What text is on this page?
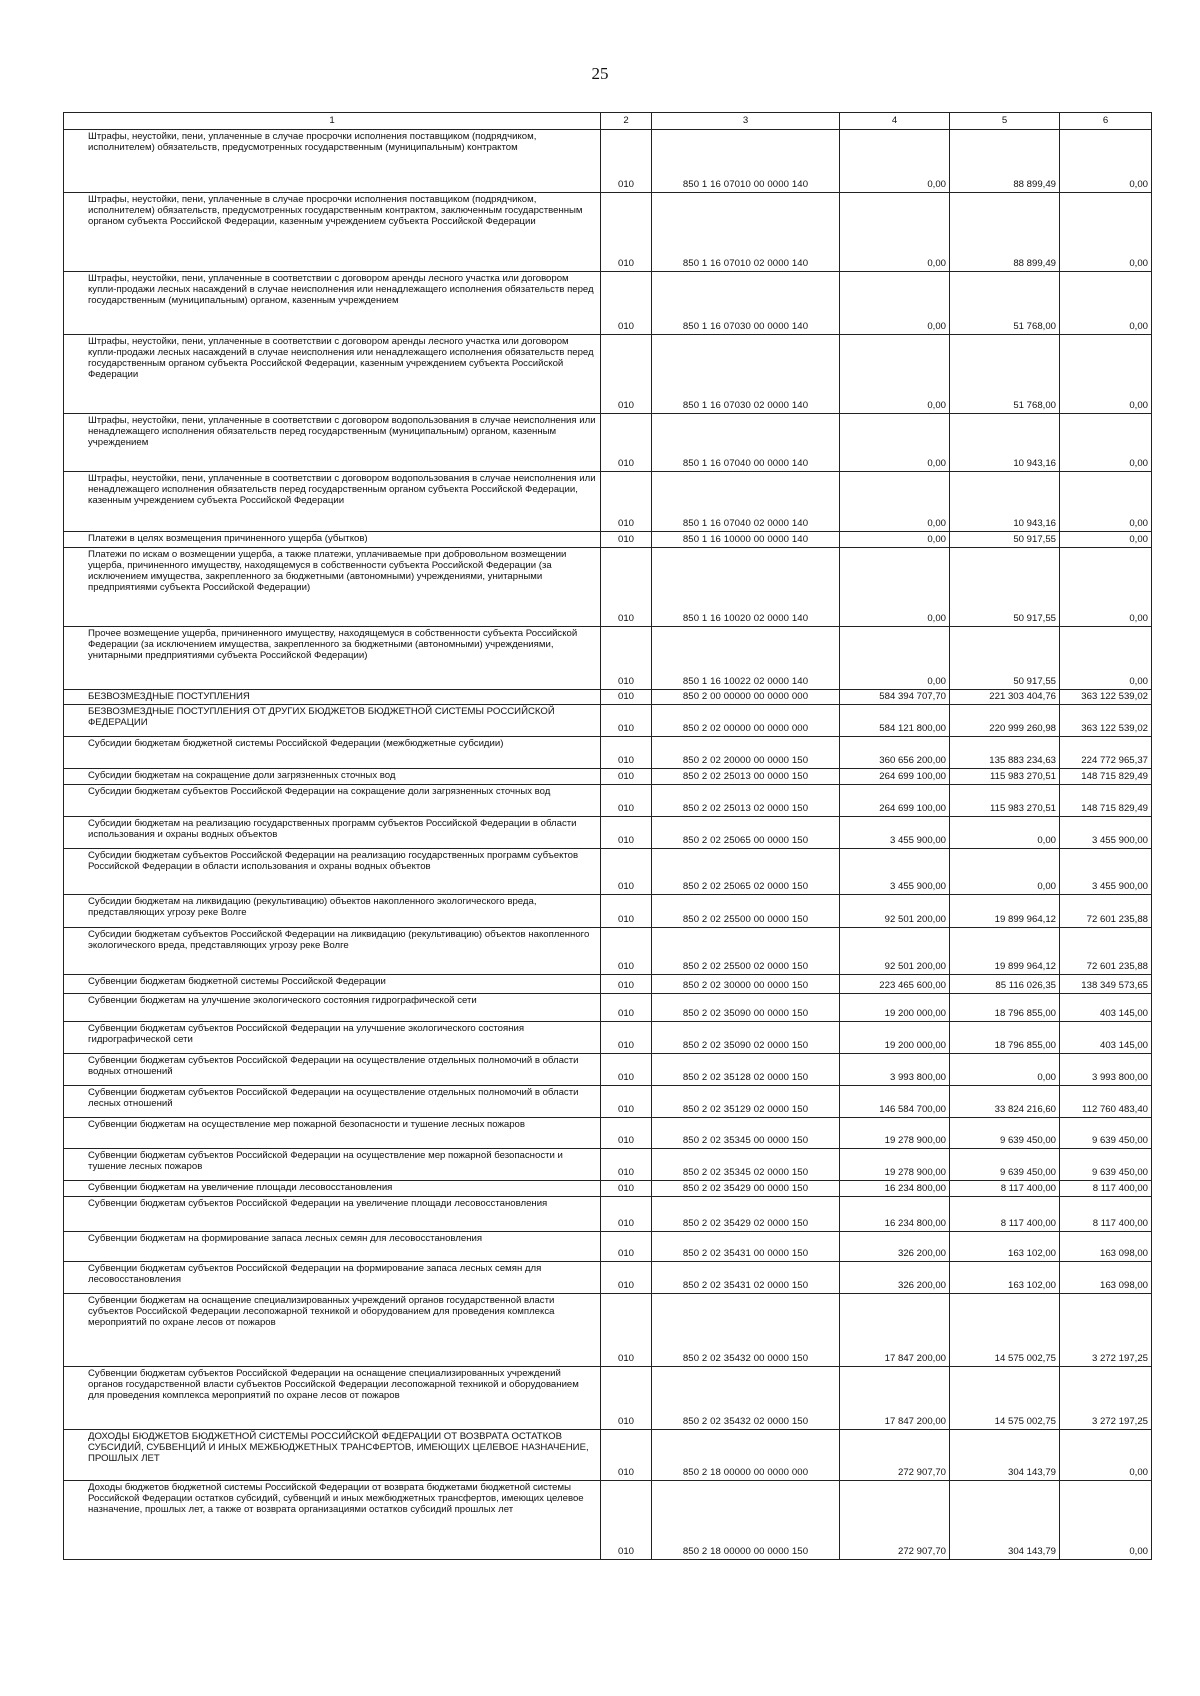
25
1	2	3	4	5	6
Штрафы, неустойки, пени, уплаченные в случае просрочки исполнения поставщиком (подрядчиком, исполнителем) обязательств, предусмотренных государственным (муниципальным) контрактом	010	850 1 16 07010 00 0000 140	0,00	88 899,49	0,00
Штрафы, неустойки, пени, уплаченные в случае просрочки исполнения поставщиком (подрядчиком, исполнителем) обязательств, предусмотренных государственным контрактом, заключенным государственным органом субъекта Российской Федерации, казенным учреждением субъекта Российской Федерации	010	850 1 16 07010 02 0000 140	0,00	88 899,49	0,00
Штрафы, неустойки, пени, уплаченные в соответствии с договором аренды лесного участка или договором купли-продажи лесных насаждений в случае неисполнения или ненадлежащего исполнения обязательств перед государственным (муниципальным) органом, казенным учреждением	010	850 1 16 07030 00 0000 140	0,00	51 768,00	0,00
Штрафы, неустойки, пени, уплаченные в соответствии с договором аренды лесного участка или договором купли-продажи лесных насаждений в случае неисполнения или ненадлежащего исполнения обязательств перед государственным органом субъекта Российской Федерации, казенным учреждением субъекта Российской Федерации	010	850 1 16 07030 02 0000 140	0,00	51 768,00	0,00
Штрафы, неустойки, пени, уплаченные в соответствии с договором водопользования в случае неисполнения или ненадлежащего исполнения обязательств перед государственным (муниципальным) органом, казенным учреждением	010	850 1 16 07040 00 0000 140	0,00	10 943,16	0,00
Штрафы, неустойки, пени, уплаченные в соответствии с договором водопользования в случае неисполнения или ненадлежащего исполнения обязательств перед государственным органом субъекта Российской Федерации, казенным учреждением субъекта Российской Федерации	010	850 1 16 07040 02 0000 140	0,00	10 943,16	0,00
Платежи в целях возмещения причиненного ущерба (убытков)	010	850 1 16 10000 00 0000 140	0,00	50 917,55	0,00
Платежи по искам о возмещении ущерба, а также платежи, уплачиваемые при добровольном возмещении ущерба, причиненного имуществу, находящемуся в собственности субъекта Российской Федерации (за исключением имущества, закрепленного за бюджетными (автономными) учреждениями, унитарными предприятиями субъекта Российской Федерации)	010	850 1 16 10020 02 0000 140	0,00	50 917,55	0,00
Прочее возмещение ущерба, причиненного имуществу, находящемуся в собственности субъекта Российской Федерации (за исключением имущества, закрепленного за бюджетными (автономными) учреждениями, унитарными предприятиями субъекта Российской Федерации)	010	850 1 16 10022 02 0000 140	0,00	50 917,55	0,00
БЕЗВОЗМЕЗДНЫЕ ПОСТУПЛЕНИЯ	010	850 2 00 00000 00 0000 000	584 394 707,70	221 303 404,76	363 122 539,02
БЕЗВОЗМЕЗДНЫЕ ПОСТУПЛЕНИЯ ОТ ДРУГИХ БЮДЖЕТОВ БЮДЖЕТНОЙ СИСТЕМЫ РОССИЙСКОЙ ФЕДЕРАЦИИ	010	850 2 02 00000 00 0000 000	584 121 800,00	220 999 260,98	363 122 539,02
Субсидии бюджетам бюджетной системы Российской Федерации (межбюджетные субсидии)	010	850 2 02 20000 00 0000 150	360 656 200,00	135 883 234,63	224 772 965,37
Субсидии бюджетам на сокращение доли загрязненных сточных вод	010	850 2 02 25013 00 0000 150	264 699 100,00	115 983 270,51	148 715 829,49
Субсидии бюджетам субъектов Российской Федерации на сокращение доли загрязненных сточных вод	010	850 2 02 25013 02 0000 150	264 699 100,00	115 983 270,51	148 715 829,49
Субсидии бюджетам на реализацию государственных программ субъектов Российской Федерации в области использования и охраны водных объектов	010	850 2 02 25065 00 0000 150	3 455 900,00	0,00	3 455 900,00
Субсидии бюджетам субъектов Российской Федерации на реализацию государственных программ субъектов Российской Федерации в области использования и охраны водных объектов	010	850 2 02 25065 02 0000 150	3 455 900,00	0,00	3 455 900,00
Субсидии бюджетам на ликвидацию (рекультивацию) объектов накопленного экологического вреда, представляющих угрозу реке Волге	010	850 2 02 25500 00 0000 150	92 501 200,00	19 899 964,12	72 601 235,88
Субсидии бюджетам субъектов Российской Федерации на ликвидацию (рекультивацию) объектов накопленного экологического вреда, представляющих угрозу реке Волге	010	850 2 02 25500 02 0000 150	92 501 200,00	19 899 964,12	72 601 235,88
Субвенции бюджетам бюджетной системы Российской Федерации	010	850 2 02 30000 00 0000 150	223 465 600,00	85 116 026,35	138 349 573,65
Субвенции бюджетам на улучшение экологического состояния гидрографической сети	010	850 2 02 35090 00 0000 150	19 200 000,00	18 796 855,00	403 145,00
Субвенции бюджетам субъектов Российской Федерации на улучшение экологического состояния гидрографической сети	010	850 2 02 35090 02 0000 150	19 200 000,00	18 796 855,00	403 145,00
Субвенции бюджетам субъектов Российской Федерации на осуществление отдельных полномочий в области водных отношений	010	850 2 02 35128 02 0000 150	3 993 800,00	0,00	3 993 800,00
Субвенции бюджетам субъектов Российской Федерации на осуществление отдельных полномочий в области лесных отношений	010	850 2 02 35129 02 0000 150	146 584 700,00	33 824 216,60	112 760 483,40
Субвенции бюджетам на осуществление мер пожарной безопасности и тушение лесных пожаров	010	850 2 02 35345 00 0000 150	19 278 900,00	9 639 450,00	9 639 450,00
Субвенции бюджетам субъектов Российской Федерации на осуществление мер пожарной безопасности и тушение лесных пожаров	010	850 2 02 35345 02 0000 150	19 278 900,00	9 639 450,00	9 639 450,00
Субвенции бюджетам на увеличение площади лесовосстановления	010	850 2 02 35429 00 0000 150	16 234 800,00	8 117 400,00	8 117 400,00
Субвенции бюджетам субъектов Российской Федерации на увеличение площади лесовосстановления	010	850 2 02 35429 02 0000 150	16 234 800,00	8 117 400,00	8 117 400,00
Субвенции бюджетам на формирование запаса лесных семян для лесовосстановления	010	850 2 02 35431 00 0000 150	326 200,00	163 102,00	163 098,00
Субвенции бюджетам субъектов Российской Федерации на формирование запаса лесных семян для лесовосстановления	010	850 2 02 35431 02 0000 150	326 200,00	163 102,00	163 098,00
Субвенции бюджетам на оснащение специализированных учреждений органов государственной власти субъектов Российской Федерации лесопожарной техникой и оборудованием для проведения комплекса мероприятий по охране лесов от пожаров	010	850 2 02 35432 00 0000 150	17 847 200,00	14 575 002,75	3 272 197,25
Субвенции бюджетам субъектов Российской Федерации на оснащение специализированных учреждений органов государственной власти субъектов Российской Федерации лесопожарной техникой и оборудованием для проведения комплекса мероприятий по охране лесов от пожаров	010	850 2 02 35432 02 0000 150	17 847 200,00	14 575 002,75	3 272 197,25
ДОХОДЫ БЮДЖЕТОВ БЮДЖЕТНОЙ СИСТЕМЫ РОССИЙСКОЙ ФЕДЕРАЦИИ ОТ ВОЗВРАТА ОСТАТКОВ СУБСИДИЙ, СУБВЕНЦИЙ И ИНЫХ МЕЖБЮДЖЕТНЫХ ТРАНСФЕРТОВ, ИМЕЮЩИХ ЦЕЛЕВОЕ НАЗНАЧЕНИЕ, ПРОШЛЫХ ЛЕТ	010	850 2 18 00000 00 0000 000	272 907,70	304 143,79	0,00
Доходы бюджетов бюджетной системы Российской Федерации от возврата бюджетами бюджетной системы Российской Федерации остатков субсидий, субвенций и иных межбюджетных трансфертов, имеющих целевое назначение, прошлых лет, а также от возврата организациями остатков субсидий прошлых лет	010	850 2 18 00000 00 0000 150	272 907,70	304 143,79	0,00
